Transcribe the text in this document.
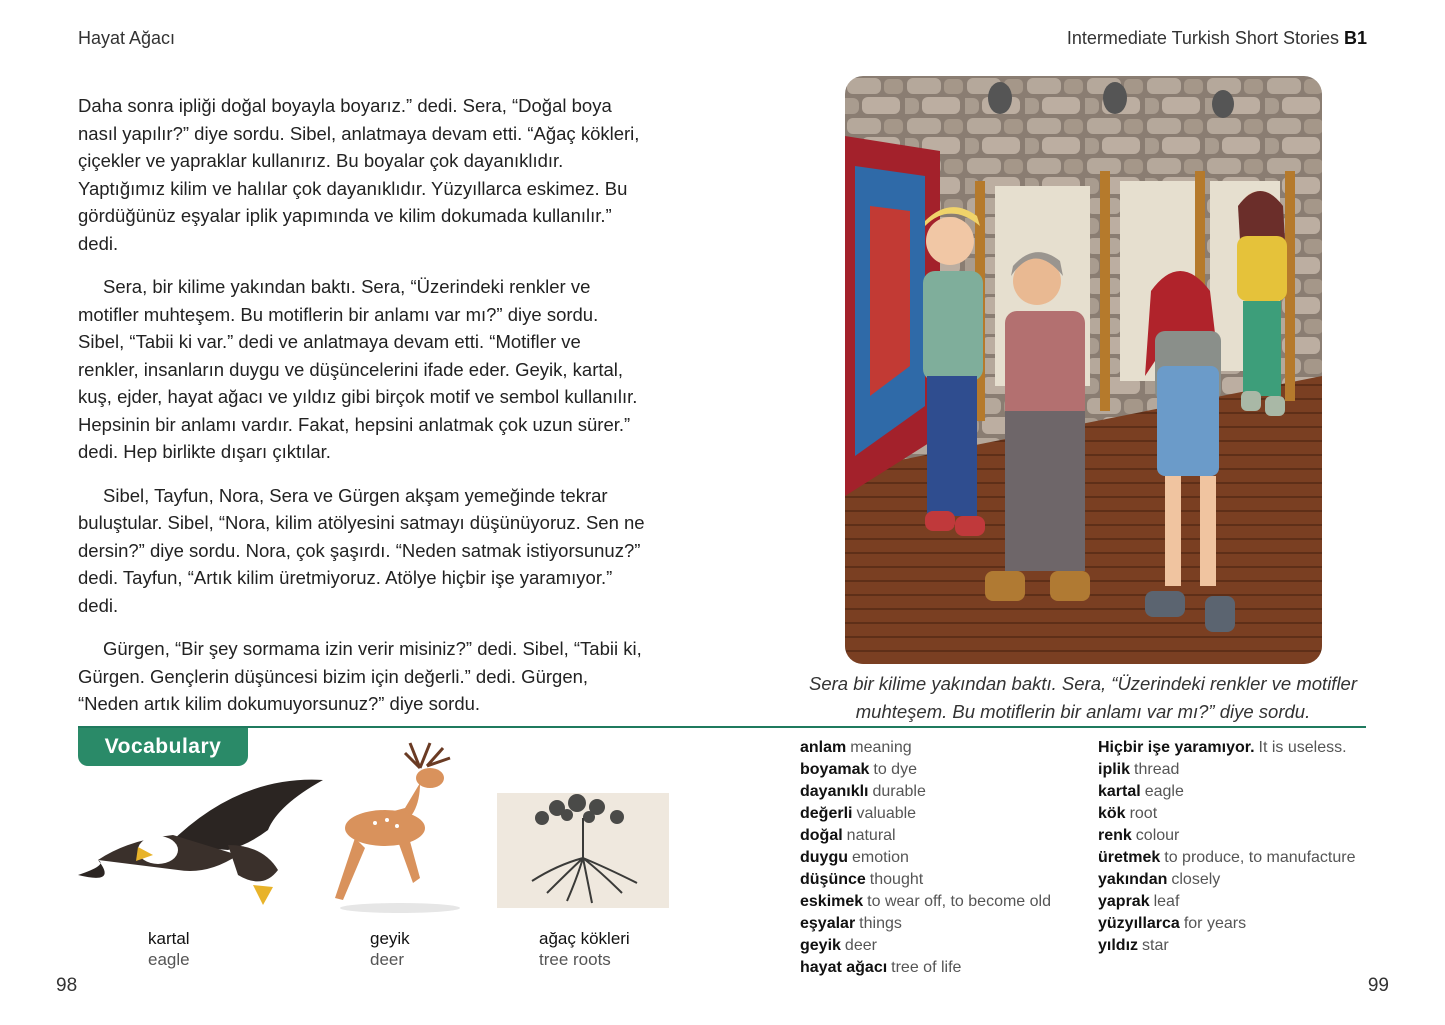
Hayat Ağacı	Intermediate Turkish Short Stories B1

Daha sonra ipliği doğal boyayla boyarız.” dedi. Sera, “Doğal boya nasıl yapılır?” diye sordu. Sibel, anlatmaya devam etti. “Ağaç kökleri, çiçekler ve yapraklar kullanırız. Bu boyalar çok dayanıklıdır. Yaptığımız kilim ve halılar çok dayanıklıdır. Yüzyıllarca eskimez. Bu gördüğünüz eşyalar iplik yapımında ve kilim dokumada kullanılır.” dedi.

Sera, bir kilime yakından baktı. Sera, “Üzerindeki renkler ve motifler muhteşem. Bu motiflerin bir anlamı var mı?” diye sordu. Sibel, “Tabii ki var.” dedi ve anlatmaya devam etti. “Motifler ve renkler, insanların duygu ve düşüncelerini ifade eder. Geyik, kartal, kuş, ejder, hayat ağacı ve yıldız gibi birçok motif ve sembol kullanılır. Hepsinin bir anlamı vardır. Fakat, hepsini anlatmak çok uzun sürer.” dedi. Hep birlikte dışarı çıktılar.

Sibel, Tayfun, Nora, Sera ve Gürgen akşam yemeğinde tekrar buluştular. Sibel, “Nora, kilim atölyesini satmayı düşünüyoruz. Sen ne dersin?” diye sordu. Nora, çok şaşırdı. “Neden satmak istiyorsunuz?” dedi. Tayfun, “Artık kilim üretmiyoruz. Atölye hiçbir işe yaramıyor.” dedi.

Gürgen, “Bir şey sormama izin verir misiniz?” dedi. Sibel, “Tabii ki, Gürgen. Gençlerin düşüncesi bizim için değerli.” dedi. Gürgen, “Neden artık kilim dokumuyorsunuz?” diye sordu.

Sera bir kilime yakından baktı. Sera, “Üzerindeki renkler ve motifler muhteşem. Bu motiflerin bir anlamı var mı?” diye sordu.
Vocabulary
kartal
eagle
geyik
deer
ağaç kökleri
tree roots
anlam meaning
boyamak to dye
dayanıklı durable
değerli valuable
doğal natural
duygu emotion
düşünce thought
eskimek to wear off, to become old
eşyalar things
geyik deer
hayat ağacı tree of life
Hiçbir işe yaramıyor. It is useless.
iplik thread
kartal eagle
kök root
renk colour
üretmek to produce, to manufacture
yakından closely
yaprak leaf
yüzyıllarca for years
yıldız star
98	99
